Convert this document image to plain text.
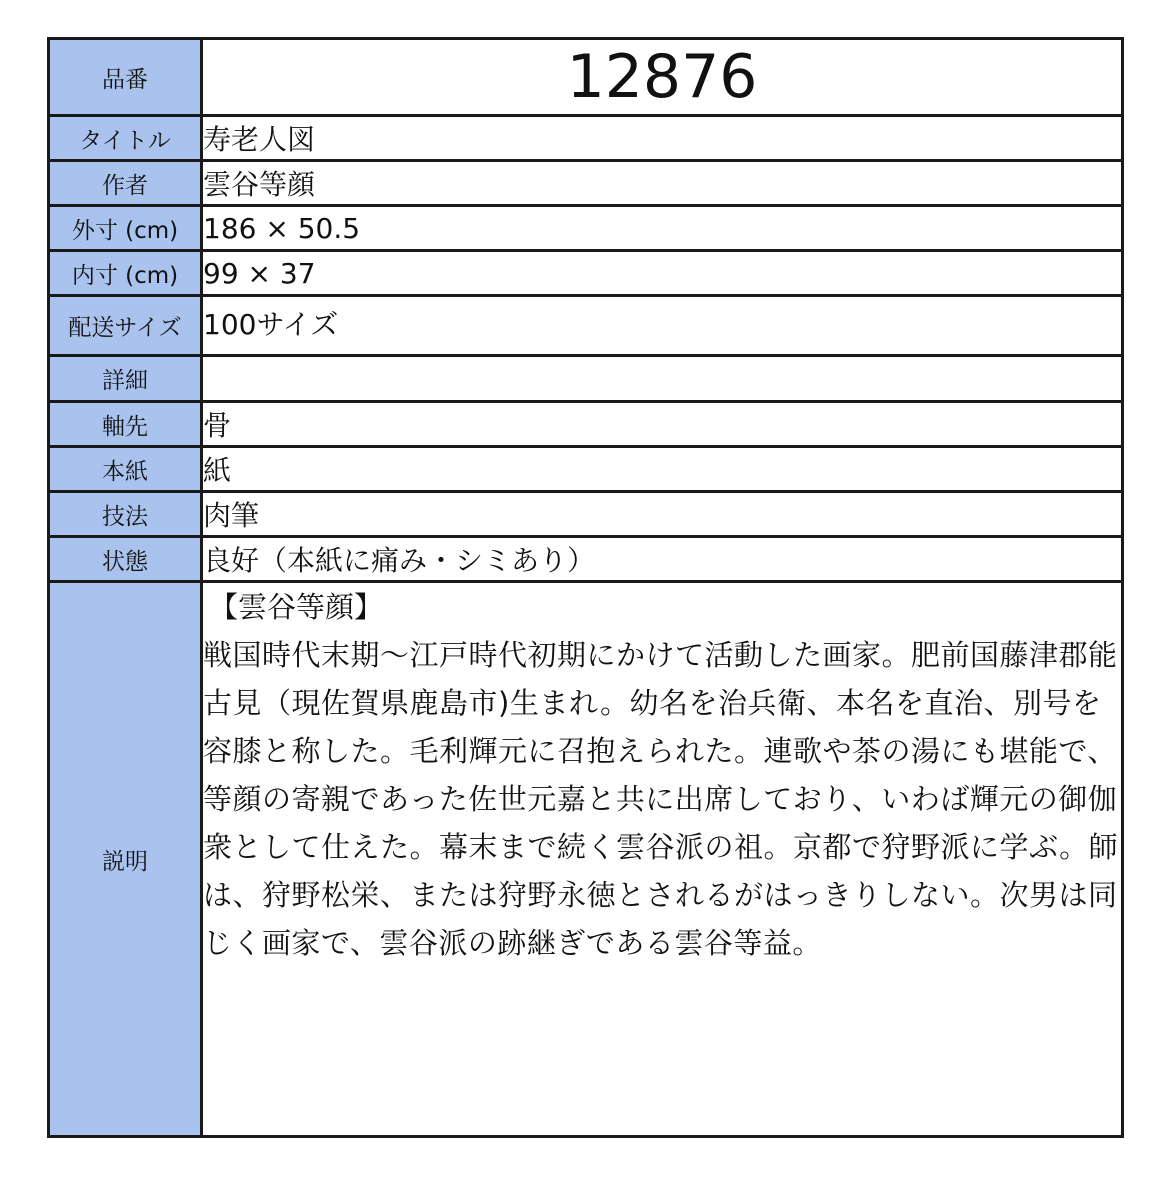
品番	12876
タイトル	寿老人図
作者	雲谷等顔
外寸 (cm)	186 × 50.5
内寸 (cm)	99 × 37
配送サイズ	100サイズ
詳細	
軸先	骨
本紙	紙
技法	肉筆
状態	良好（本紙に痛み・シミあり）
説明	【雲谷等顔】
戦国時代末期〜江戸時代初期にかけて活動した画家。肥前国藤津郡能古見（現佐賀県鹿島市)生まれ。幼名を治兵衛、本名を直治、別号を容膝と称した。毛利輝元に召抱えられた。連歌や茶の湯にも堪能で、等顔の寄親であった佐世元嘉と共に出席しており、いわば輝元の御伽衆として仕えた。幕末まで続く雲谷派の祖。京都で狩野派に学ぶ。師は、狩野松栄、または狩野永徳とされるがはっきりしない。次男は同じく画家で、雲谷派の跡継ぎである雲谷等益。
